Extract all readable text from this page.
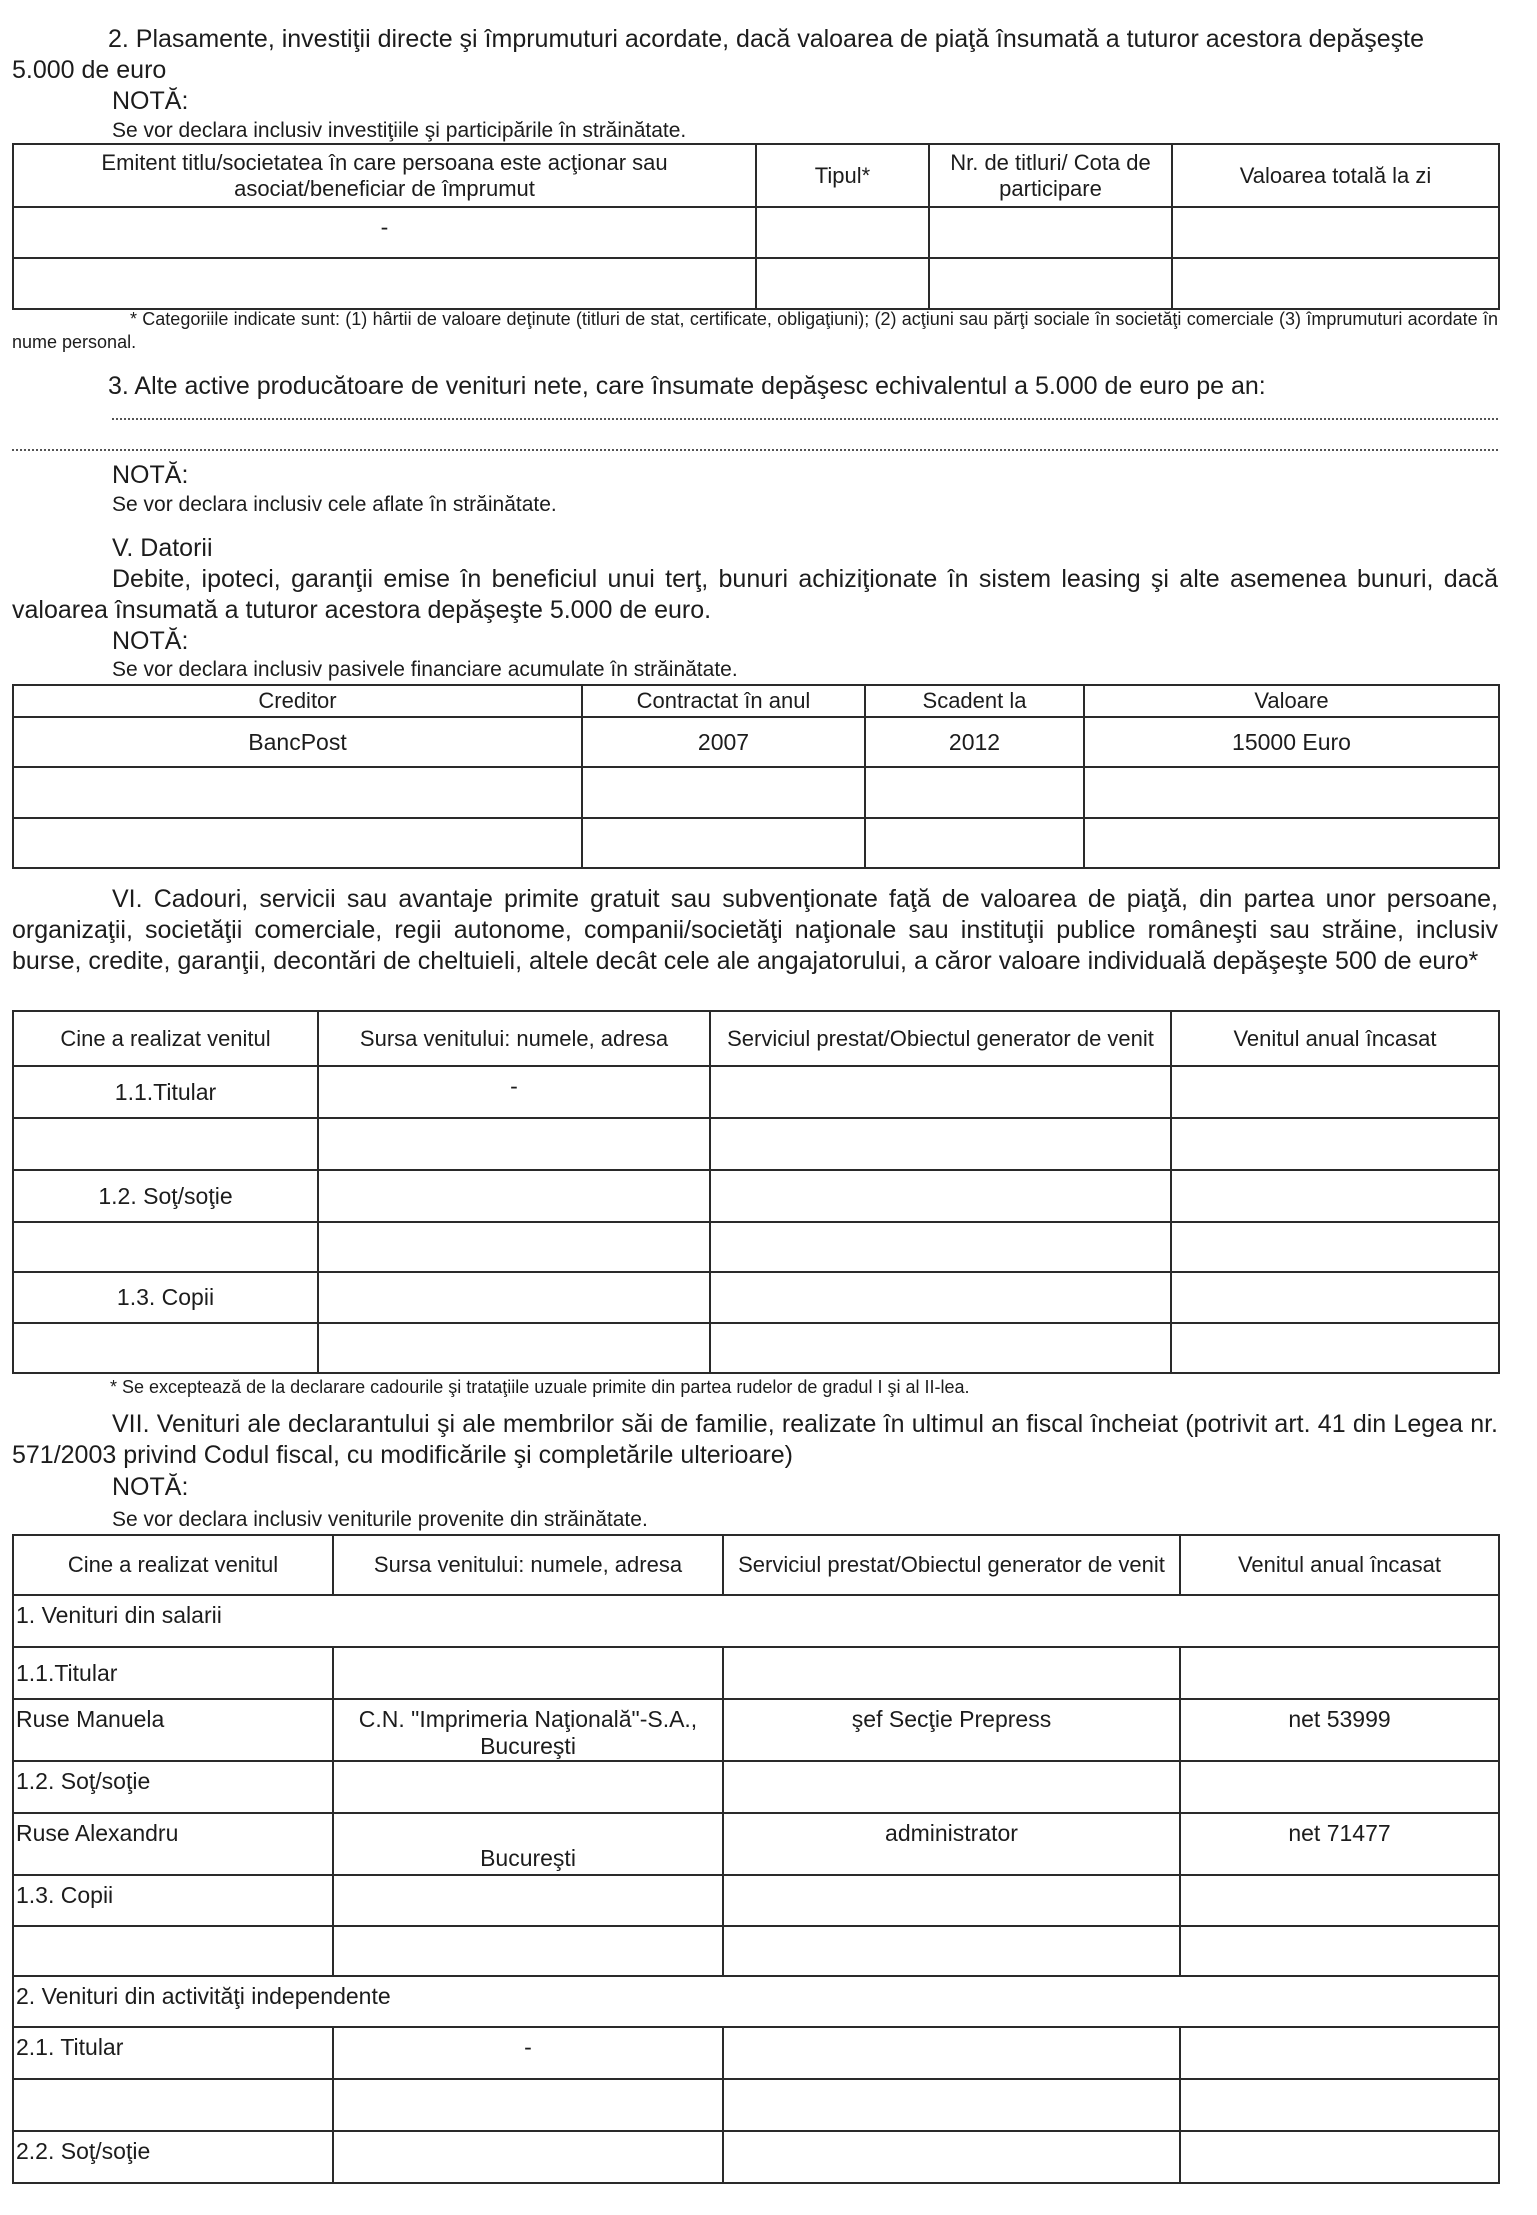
2. Plasamente, investiţii directe şi împrumuturi acordate, dacă valoarea de piaţă însumată a tuturor acestora depăşeşte
5.000 de euro
NOTĂ:
Se vor declara inclusiv investiţiile şi participările în străinătate.
Emitent titlu/societatea în care persoana este acţionar sau asociat/beneficiar de împrumut	Tipul*	Nr. de titluri/ Cota de participare	Valoarea totală la zi
-			

* Categoriile indicate sunt: (1) hârtii de valoare deţinute (titluri de stat, certificate, obligaţiuni); (2) acţiuni sau părţi sociale în societăţi comerciale (3) împrumuturi acordate în nume personal.
3. Alte active producătoare de venituri nete, care însumate depăşesc echivalentul a 5.000 de euro pe an:
NOTĂ:
Se vor declara inclusiv cele aflate în străinătate.
V. Datorii
Debite, ipoteci, garanţii emise în beneficiul unui terţ, bunuri achiziţionate în sistem leasing şi alte asemenea bunuri, dacă valoarea însumată a tuturor acestora depăşeşte 5.000 de euro.
NOTĂ:
Se vor declara inclusiv pasivele financiare acumulate în străinătate.
Creditor	Contractat în anul	Scadent la	Valoare
BancPost	2007	2012	15000 Euro

VI. Cadouri, servicii sau avantaje primite gratuit sau subvenţionate faţă de valoarea de piaţă, din partea unor persoane, organizaţii, societăţii comerciale, regii autonome, companii/societăţi naţionale sau instituţii publice româneşti sau străine, inclusiv burse, credite, garanţii, decontări de cheltuieli, altele decât cele ale angajatorului, a căror valoare individuală depăşeşte 500 de euro*
Cine a realizat venitul	Sursa venitului: numele, adresa	Serviciul prestat/Obiectul generator de venit	Venitul anual încasat
1.1.Titular	-		

1.2. Soţ/soţie			

1.3. Copii			

* Se exceptează de la declarare cadourile şi trataţiile uzuale primite din partea rudelor de gradul I şi al II-lea.
VII. Venituri ale declarantului şi ale membrilor săi de familie, realizate în ultimul an fiscal încheiat (potrivit art. 41 din Legea nr. 571/2003 privind Codul fiscal, cu modificările şi completările ulterioare)
NOTĂ:
Se vor declara inclusiv veniturile provenite din străinătate.
Cine a realizat venitul	Sursa venitului: numele, adresa	Serviciul prestat/Obiectul generator de venit	Venitul anual încasat
1. Venituri din salarii			
1.1.Titular			
Ruse Manuela	C.N. "Imprimeria Naţională"-S.A., Bucureşti	şef Secţie Prepress	net 53999
1.2. Soţ/soţie			
Ruse Alexandru	Bucureşti	administrator	net 71477
1.3. Copii			

2. Venituri din activităţi independente			
2.1. Titular	-		

2.2. Soţ/soţie			
